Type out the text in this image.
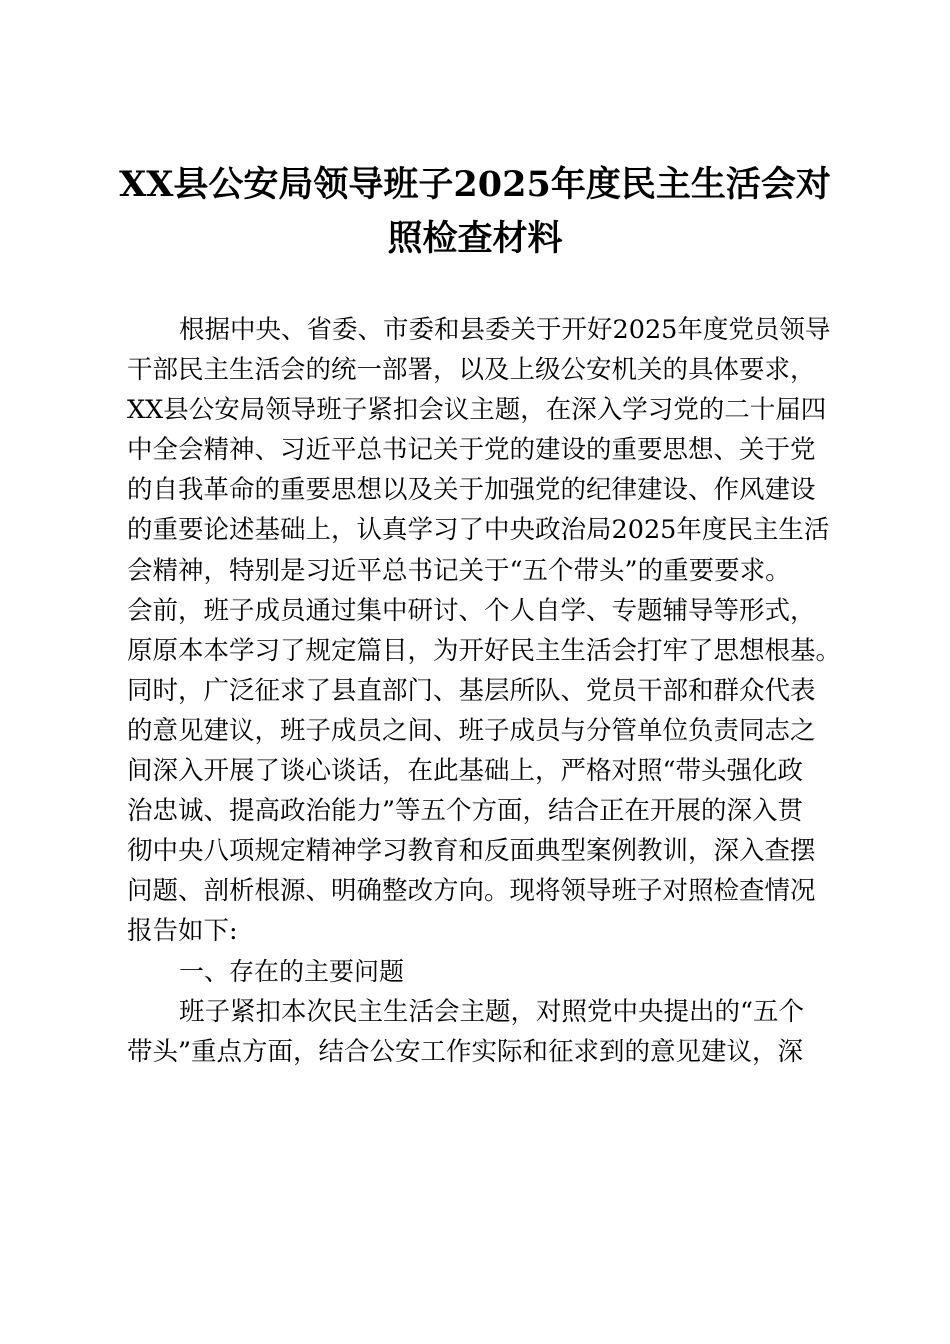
XX县公安局领导班子2025年度民主生活会对
照检查材料
根据中央、省委、市委和县委关于开好2025年度党员领导
干部民主生活会的统一部署，以及上级公安机关的具体要求，
XX县公安局领导班子紧扣会议主题，在深入学习党的二十届四
中全会精神、习近平总书记关于党的建设的重要思想、关于党
的自我革命的重要思想以及关于加强党的纪律建设、作风建设
的重要论述基础上，认真学习了中央政治局2025年度民主生活
会精神，特别是习近平总书记关于“五个带头”的重要要求。
会前，班子成员通过集中研讨、个人自学、专题辅导等形式，
原原本本学习了规定篇目，为开好民主生活会打牢了思想根基。
同时，广泛征求了县直部门、基层所队、党员干部和群众代表
的意见建议，班子成员之间、班子成员与分管单位负责同志之
间深入开展了谈心谈话，在此基础上，严格对照“带头强化政
治忠诚、提高政治能力”等五个方面，结合正在开展的深入贯
彻中央八项规定精神学习教育和反面典型案例教训，深入查摆
问题、剖析根源、明确整改方向。现将领导班子对照检查情况
报告如下:
一、存在的主要问题
班子紧扣本次民主生活会主题，对照党中央提出的“五个
带头”重点方面，结合公安工作实际和征求到的意见建议，深
